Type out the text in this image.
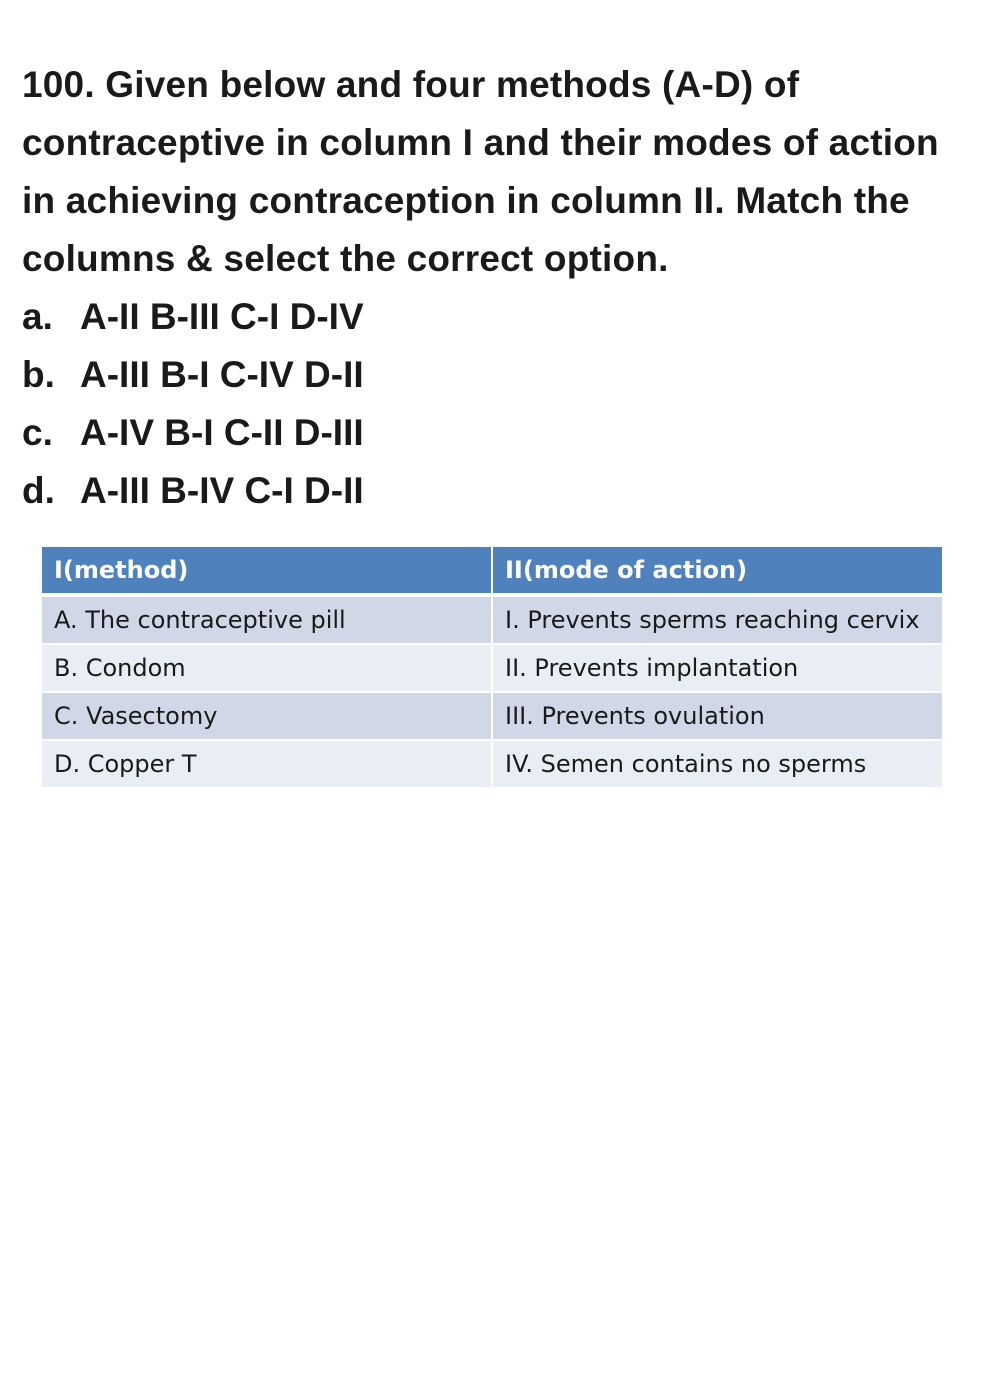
100. Given below and four methods (A-D) of contraceptive in column I and their modes of action in achieving contraception in column II. Match the columns & select the correct option.
a. A-II B-III C-I D-IV
b. A-III B-I C-IV D-II
c. A-IV B-I C-II D-III
d. A-III B-IV C-I D-II
I(method)	II(mode of action)
A. The contraceptive pill	I. Prevents sperms reaching cervix
B. Condom	II. Prevents implantation
C. Vasectomy	III. Prevents ovulation
D. Copper T	IV. Semen contains no sperms
